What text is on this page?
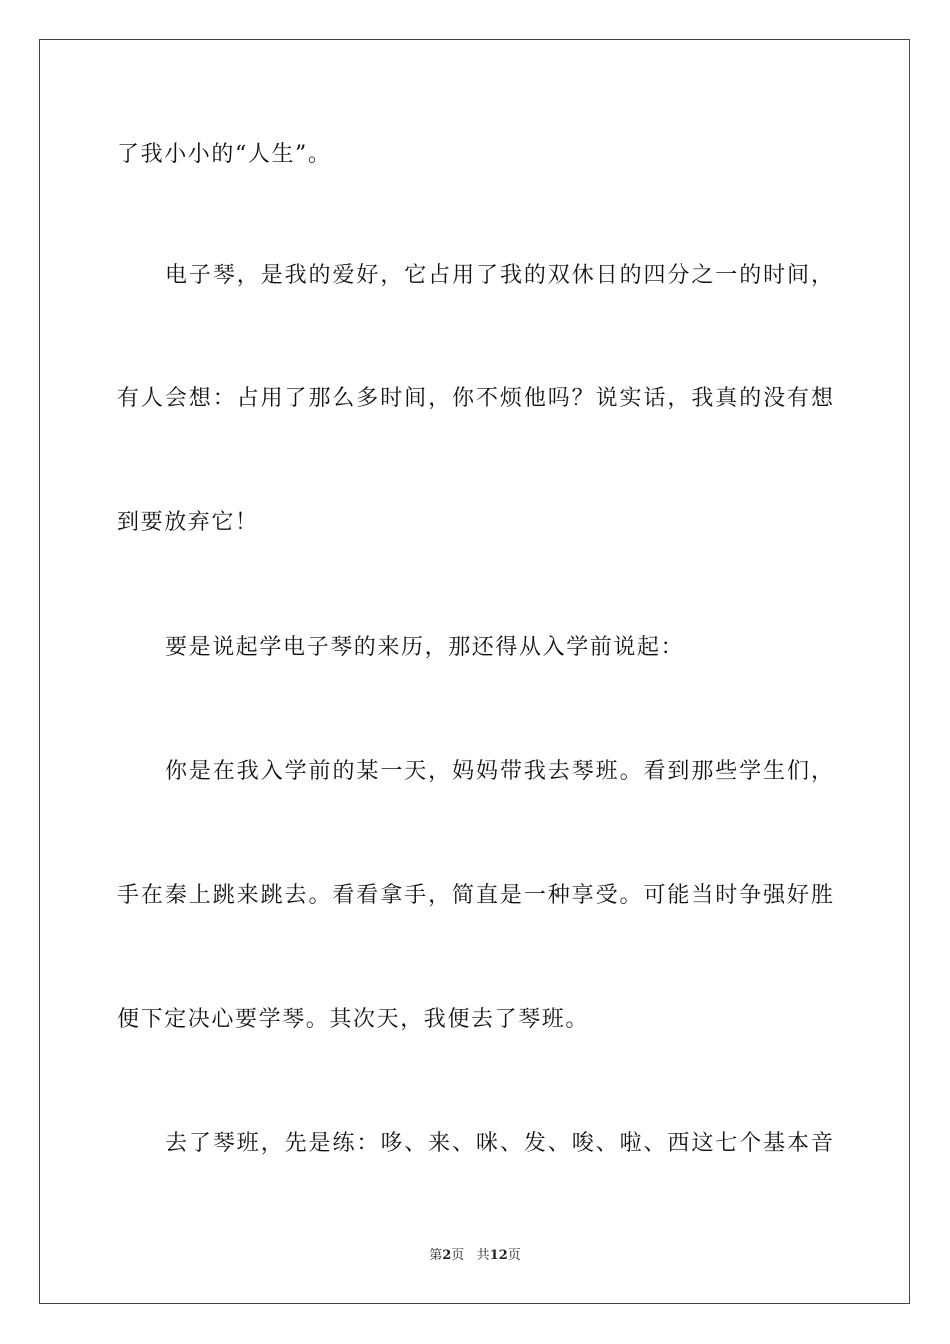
了我小小的“人生”。
电子琴，是我的爱好，它占用了我的双休日的四分之一的时间，
有人会想：占用了那么多时间，你不烦他吗？说实话，我真的没有想
到要放弃它！
要是说起学电子琴的来历，那还得从入学前说起：
你是在我入学前的某一天，妈妈带我去琴班。看到那些学生们，
手在秦上跳来跳去。看看拿手，简直是一种享受。可能当时争强好胜
便下定决心要学琴。其次天，我便去了琴班。
去了琴班，先是练：哆、来、咪、发、唆、啦、西这七个基本音
第2页 共12页
